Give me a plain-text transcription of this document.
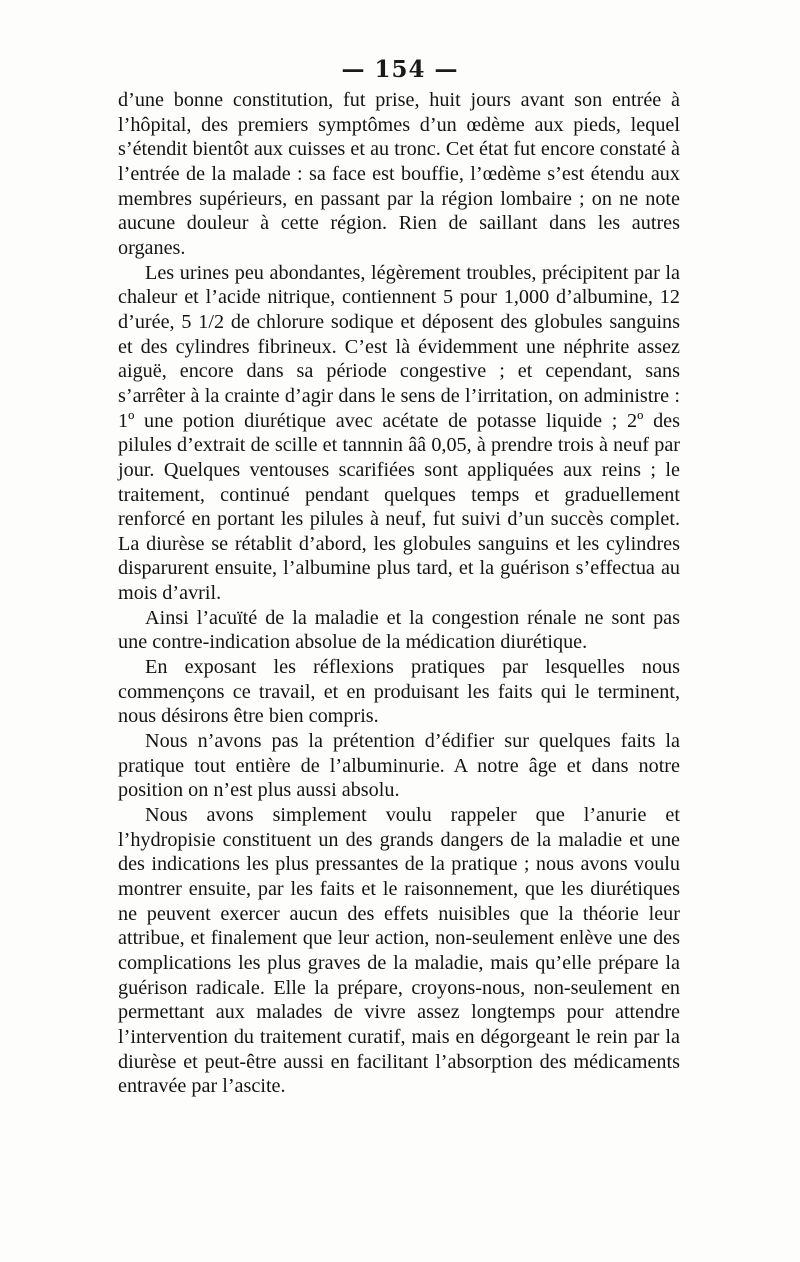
— 154 —

d’une bonne constitution, fut prise, huit jours avant son entrée à l’hôpital, des premiers symptômes d’un œdème aux pieds, lequel s’étendit bientôt aux cuisses et au tronc. Cet état fut encore constaté à l’entrée de la malade : sa face est bouffie, l’œdème s’est étendu aux membres supérieurs, en passant par la région lombaire ; on ne note aucune douleur à cette région. Rien de saillant dans les autres organes.

Les urines peu abondantes, légèrement troubles, précipitent par la chaleur et l’acide nitrique, contiennent 5 pour 1,000 d’albumine, 12 d’urée, 5 1/2 de chlorure sodique et déposent des globules sanguins et des cylindres fibrineux. C’est là évidemment une néphrite assez aiguë, encore dans sa période congestive ; et cependant, sans s’arrêter à la crainte d’agir dans le sens de l’irritation, on administre : 1º une potion diurétique avec acétate de potasse liquide ; 2º des pilules d’extrait de scille et tannnin ââ 0,05, à prendre trois à neuf par jour. Quelques ventouses scarifiées sont appliquées aux reins ; le traitement, continué pendant quelques temps et graduellement renforcé en portant les pilules à neuf, fut suivi d’un succès complet. La diurèse se rétablit d’abord, les globules sanguins et les cylindres disparurent ensuite, l’albumine plus tard, et la guérison s’effectua au mois d’avril.

Ainsi l’acuïté de la maladie et la congestion rénale ne sont pas une contre-indication absolue de la médication diurétique.

En exposant les réflexions pratiques par lesquelles nous commençons ce travail, et en produisant les faits qui le terminent, nous désirons être bien compris.

Nous n’avons pas la prétention d’édifier sur quelques faits la pratique tout entière de l’albuminurie. A notre âge et dans notre position on n’est plus aussi absolu.

Nous avons simplement voulu rappeler que l’anurie et l’hydropisie constituent un des grands dangers de la maladie et une des indications les plus pressantes de la pratique ; nous avons voulu montrer ensuite, par les faits et le raisonnement, que les diurétiques ne peuvent exercer aucun des effets nuisibles que la théorie leur attribue, et finalement que leur action, non-seulement enlève une des complications les plus graves de la maladie, mais qu’elle prépare la guérison radicale. Elle la prépare, croyons-nous, non-seulement en permettant aux malades de vivre assez longtemps pour attendre l’intervention du traitement curatif, mais en dégorgeant le rein par la diurèse et peut-être aussi en facilitant l’absorption des médicaments entravée par l’ascite.
